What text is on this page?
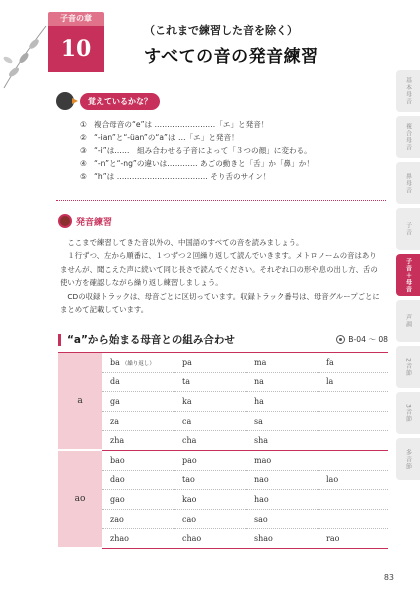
子音の章
10
（これまで練習した音を除く）
すべての音の発音練習
基本母音
複合母音
鼻母音
子音
子音＋母音
声調
2音節
3音節
多音節
覚えているかな？
① 複合母音の“e”は ……………………「エ」と発音！
② “-ian”と“-üan”の“a”は …「エ」と発音！
③ “-i”は……　組み合わせる子音によって「３つの顔」に変わる。
④ “-n”と“-ng”の違いは………… あごの動きと「舌」か「鼻」か！
⑤ “h”は ……………………………… そり舌のサイン！
発音練習

　ここまで練習してきた音以外の、中国語のすべての音を読みましょう。

　１行ずつ、左から順番に、１つずつ２回繰り返して読んでいきます。メトロノームの音はありませんが、聞こえた声に続いて同じ長さで読んでください。それぞれ口の形や息の出し方、舌の使い方を確認しながら繰り返し練習しましょう。

　CDの収録トラックは、母音ごとに区切っています。収録トラック番号は、母音グループごとにまとめて記載しています。

“a”から始まる母音との組み合わせ	B-04 ～ 08
a	ba （繰り返し）	pa	ma	fa
	da	ta	na	la
	ga	ka	ha	
	za	ca	sa	
	zha	cha	sha	
ao	bao	pao	mao	
	dao	tao	nao	lao
	gao	kao	hao	
	zao	cao	sao	
	zhao	chao	shao	rao
83
